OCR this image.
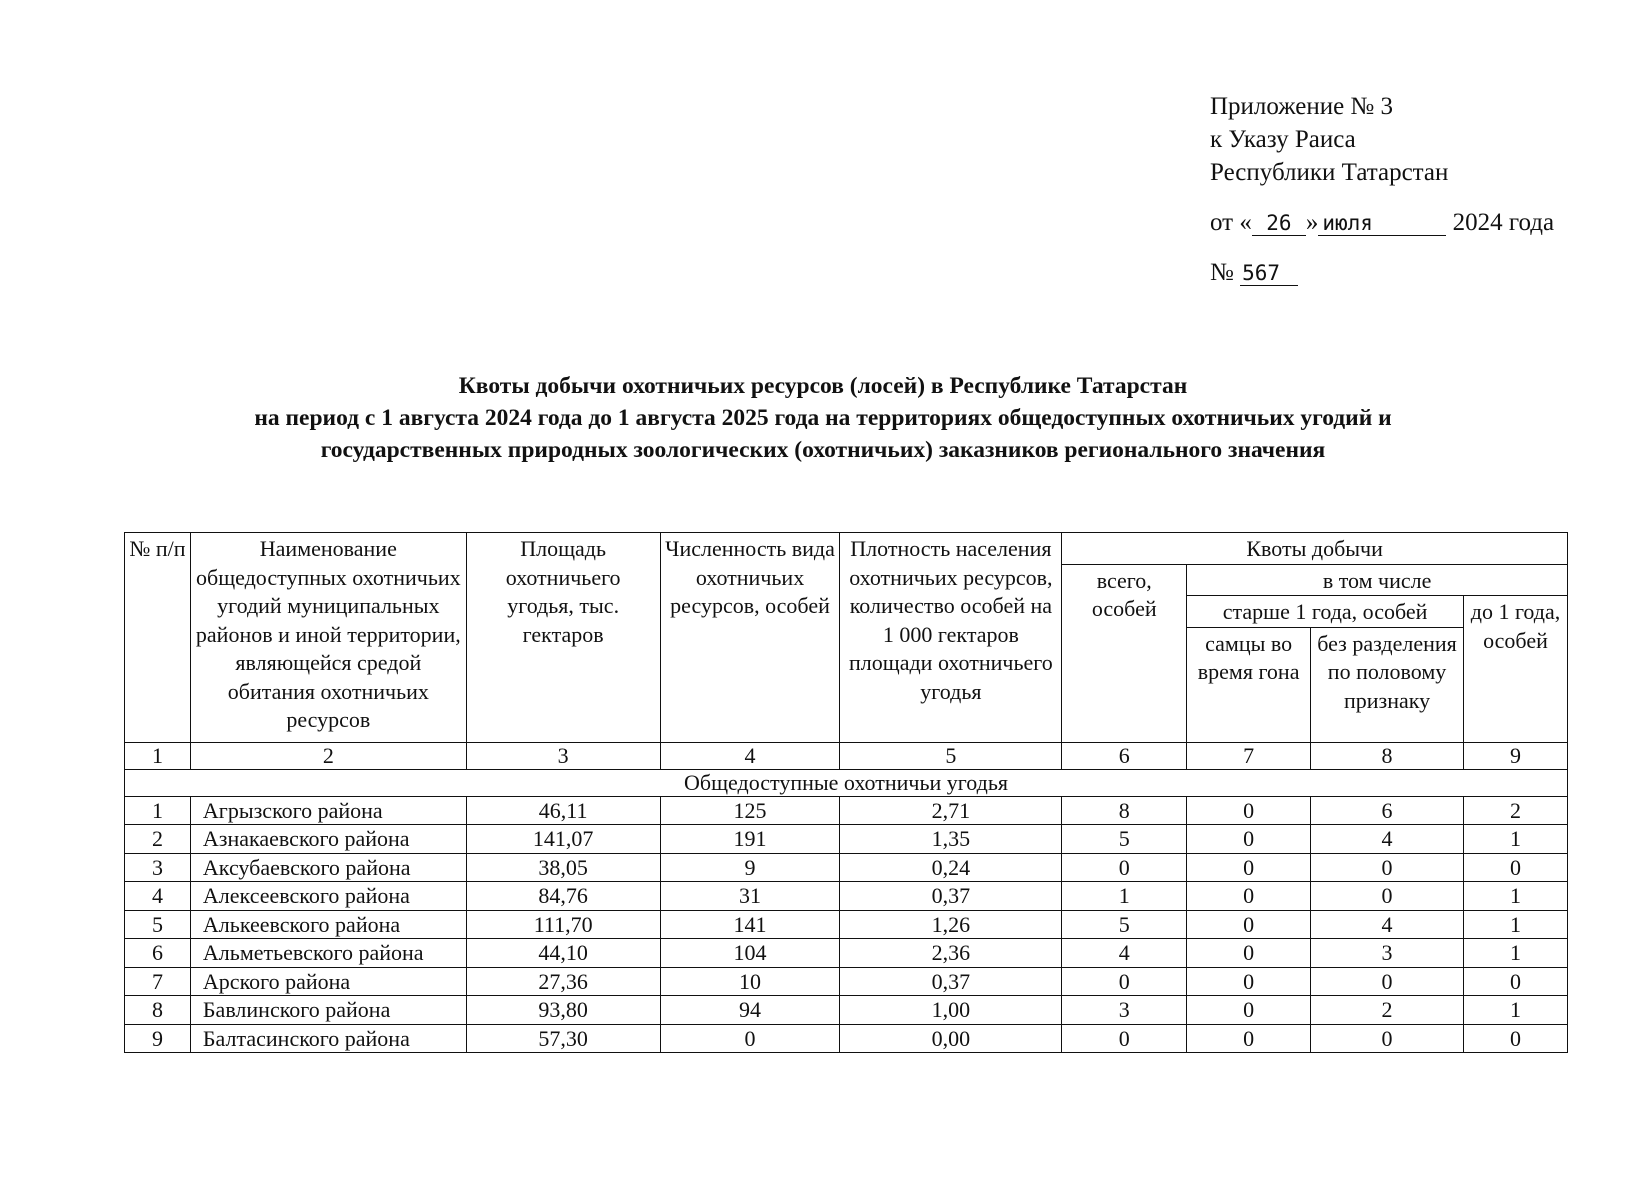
Приложение № 3
к Указу Раиса
Республики Татарстан
от « 26 » июля	2024 года
№ 567
Квоты добычи охотничьих ресурсов (лосей) в Республике Татарстан
на период с 1 августа 2024 года до 1 августа 2025 года на территориях общедоступных охотничьих угодий и
государственных природных зоологических (охотничьих) заказников регионального значения
№ п/п	Наименование общедоступных охотничьих угодий муниципальных районов и иной территории, являющейся средой обитания охотничьих ресурсов	Площадь охотничьего угодья, тыс. гектаров	Численность вида охотничьих ресурсов, особей	Плотность населения охотничьих ресурсов, количество особей на 1 000 гектаров площади охотничьего угодья	Квоты добычи			
					всего, особей	в том числе		
						старше 1 года, особей		до 1 года, особей
						самцы во время гона	без разделения по половому признаку	
1	2	3	4	5	6	7	8	9
Общедоступные охотничьи угодья								
1	Агрызского района	46,11	125	2,71	8	0	6	2
2	Азнакаевского района	141,07	191	1,35	5	0	4	1
3	Аксубаевского района	38,05	9	0,24	0	0	0	0
4	Алексеевского района	84,76	31	0,37	1	0	0	1
5	Алькеевского района	111,70	141	1,26	5	0	4	1
6	Альметьевского района	44,10	104	2,36	4	0	3	1
7	Арского района	27,36	10	0,37	0	0	0	0
8	Бавлинского района	93,80	94	1,00	3	0	2	1
9	Балтасинского района	57,30	0	0,00	0	0	0	0
